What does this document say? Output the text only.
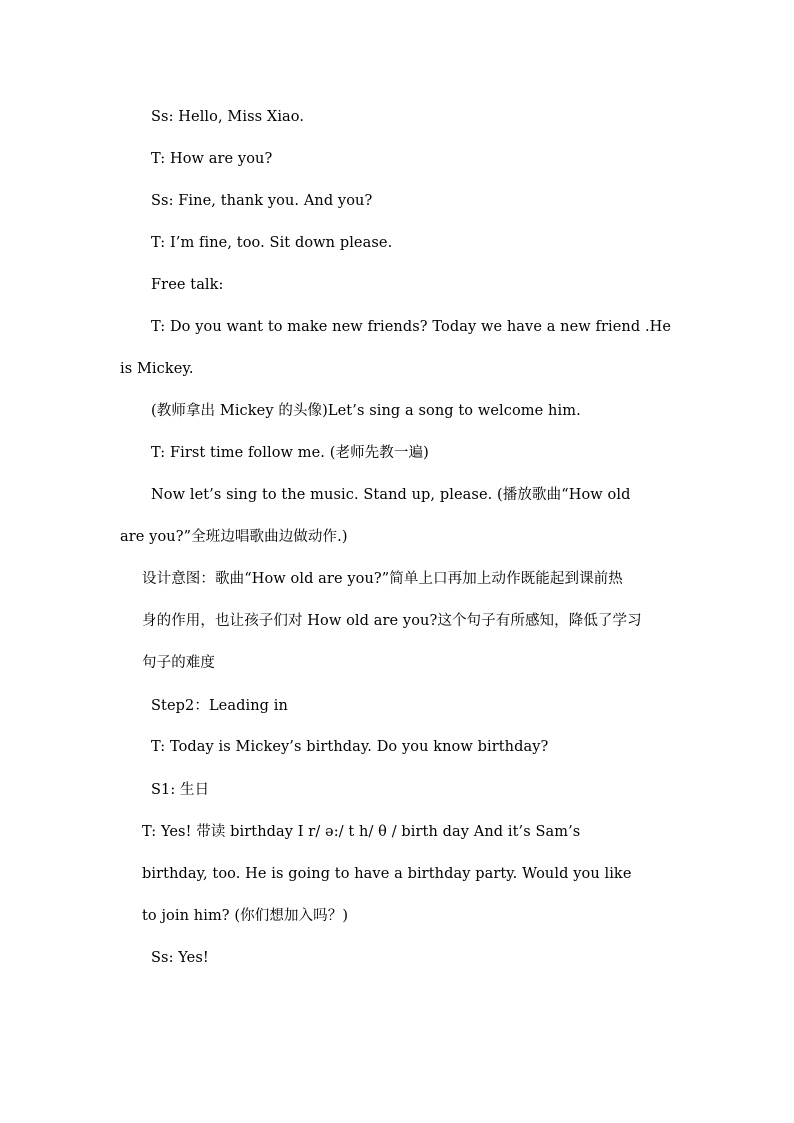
Ss: Hello, Miss Xiao.
T: How are you?
Ss: Fine, thank you. And you?
T: I’m fine, too. Sit down please.
Free talk:
T: Do you want to make new friends? Today we have a new friend .He
is Mickey.
(教师拿出 Mickey 的头像)Let’s sing a song to welcome him.
T: First time follow me. (老师先教一遍)
Now let’s sing to the music. Stand up, please. (播放歌曲“How old
are you?”全班边唱歌曲边做动作.)
设计意图：歌曲“How old are you?”简单上口再加上动作既能起到课前热
身的作用，也让孩子们对 How old are you?这个句子有所感知，降低了学习
句子的难度
Step2：Leading in
T: Today is Mickey’s birthday. Do you know birthday?
S1: 生日
T: Yes! 带读 birthday I r/ ə:/ t h/ θ / birth day And it’s Sam’s
birthday, too. He is going to have a birthday party. Would you like
to join him? (你们想加入吗？)
Ss: Yes!
